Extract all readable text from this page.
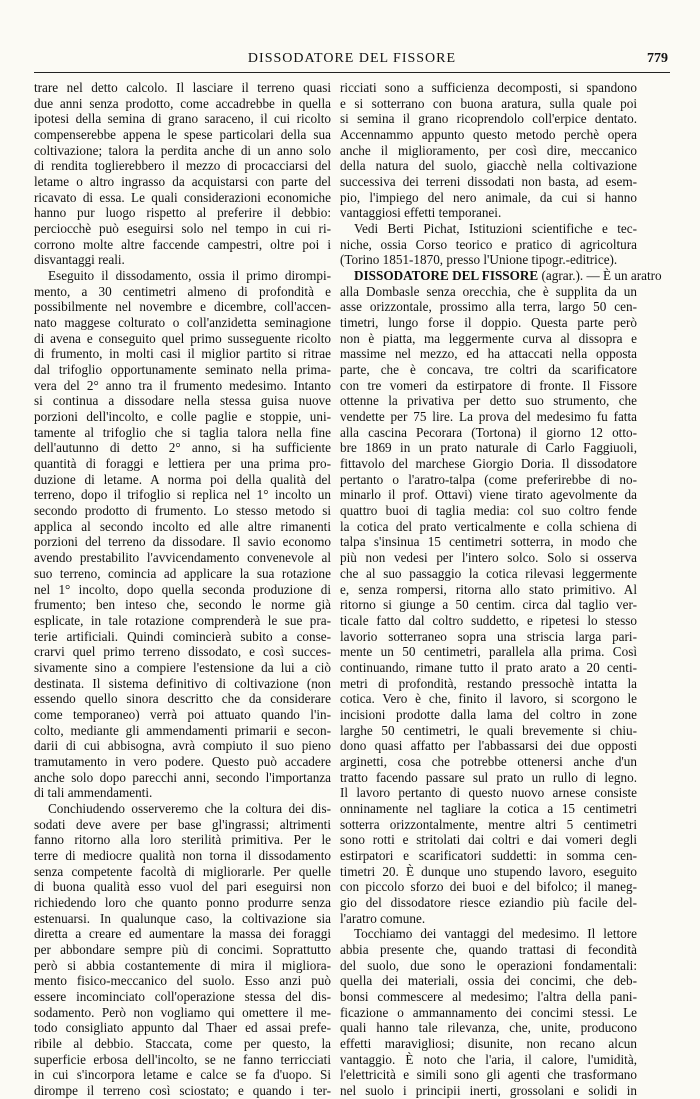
DISSODATORE DEL FISSORE	779
trare nel detto calcolo. Il lasciare il terreno quasi
due anni senza prodotto, come accadrebbe in quella
ipotesi della semina di grano saraceno, il cui ricolto
compenserebbe appena le spese particolari della sua
coltivazione; talora la perdita anche di un anno solo
di rendita toglierebbero il mezzo di procacciarsi del
letame o altro ingrasso da acquistarsi con parte del
ricavato di essa. Le quali considerazioni economiche
hanno pur luogo rispetto al preferire il debbio:
perciocchè può eseguirsi solo nel tempo in cui ri-
corrono molte altre faccende campestri, oltre poi i
disvantaggi reali.
Eseguito il dissodamento, ossia il primo dirompi-
mento, a 30 centimetri almeno di profondità e
possibilmente nel novembre e dicembre, coll'accen-
nato maggese colturato o coll'anzidetta seminagione
di avena e conseguito quel primo susseguente ricolto
di frumento, in molti casi il miglior partito si ritrae
dal trifoglio opportunamente seminato nella prima-
vera del 2° anno tra il frumento medesimo. Intanto
si continua a dissodare nella stessa guisa nuove
porzioni dell'incolto, e colle paglie e stoppie, uni-
tamente al trifoglio che si taglia talora nella fine
dell'autunno di detto 2° anno, si ha sufficiente
quantità di foraggi e lettiera per una prima pro-
duzione di letame. A norma poi della qualità del
terreno, dopo il trifoglio si replica nel 1° incolto un
secondo prodotto di frumento. Lo stesso metodo si
applica al secondo incolto ed alle altre rimanenti
porzioni del terreno da dissodare. Il savio economo
avendo prestabilito l'avvicendamento convenevole al
suo terreno, comincia ad applicare la sua rotazione
nel 1° incolto, dopo quella seconda produzione di
frumento; ben inteso che, secondo le norme già
esplicate, in tale rotazione comprenderà le sue pra-
terie artificiali. Quindi comincierà subito a conse-
crarvi quel primo terreno dissodato, e così succes-
sivamente sino a compiere l'estensione da lui a ciò
destinata. Il sistema definitivo di coltivazione (non
essendo quello sinora descritto che da considerare
come temporaneo) verrà poi attuato quando l'in-
colto, mediante gli ammendamenti primarii e secon-
darii di cui abbisogna, avrà compiuto il suo pieno
tramutamento in vero podere. Questo può accadere
anche solo dopo parecchi anni, secondo l'importanza
di tali ammendamenti.
Conchiudendo osserveremo che la coltura dei dis-
sodati deve avere per base gl'ingrassi; altrimenti
fanno ritorno alla loro sterilità primitiva. Per le
terre di mediocre qualità non torna il dissodamento
senza competente facoltà di migliorarle. Per quelle
di buona qualità esso vuol del pari eseguirsi non
richiedendo loro che quanto ponno produrre senza
estenuarsi. In qualunque caso, la coltivazione sia
diretta a creare ed aumentare la massa dei foraggi
per abbondare sempre più di concimi. Soprattutto
però si abbia costantemente di mira il migliora-
mento fisico-meccanico del suolo. Esso anzi può
essere incominciato coll'operazione stessa del dis-
sodamento. Però non vogliamo qui omettere il me-
todo consigliato appunto dal Thaer ed assai prefe-
ribile al debbio. Staccata, come per questo, la
superficie erbosa dell'incolto, se ne fanno terricciati
in cui s'incorpora letame e calce se fa d'uopo. Si
dirompe il terreno così sciostato; e quando i ter-
ricciati sono a sufficienza decomposti, si spandono
e si sotterrano con buona aratura, sulla quale poi
si semina il grano ricoprendolo coll'erpice dentato.
Accennammo appunto questo metodo perchè opera
anche il miglioramento, per così dire, meccanico
della natura del suolo, giacchè nella coltivazione
successiva dei terreni dissodati non basta, ad esem-
pio, l'impiego del nero animale, da cui si hanno
vantaggiosi effetti temporanei.
Vedi Berti Pichat, Istituzioni scientifiche e tec-
niche, ossia Corso teorico e pratico di agricoltura
(Torino 1851-1870, presso l'Unione tipogr.-editrice).
DISSODATORE DEL FISSORE (agrar.). — È un aratro
alla Dombasle senza orecchia, che è supplita da un
asse orizzontale, prossimo alla terra, largo 50 cen-
timetri, lungo forse il doppio. Questa parte però
non è piatta, ma leggermente curva al dissopra e
massime nel mezzo, ed ha attaccati nella opposta
parte, che è concava, tre coltri da scarificatore
con tre vomeri da estirpatore di fronte. Il Fissore
ottenne la privativa per detto suo strumento, che
vendette per 75 lire. La prova del medesimo fu fatta
alla cascina Pecorara (Tortona) il giorno 12 otto-
bre 1869 in un prato naturale di Carlo Faggiuoli,
fittavolo del marchese Giorgio Doria. Il dissodatore
pertanto o l'aratro-talpa (come preferirebbe di no-
minarlo il prof. Ottavi) viene tirato agevolmente da
quattro buoi di taglia media: col suo coltro fende
la cotica del prato verticalmente e colla schiena di
talpa s'insinua 15 centimetri sotterra, in modo che
più non vedesi per l'intero solco. Solo si osserva
che al suo passaggio la cotica rilevasi leggermente
e, senza rompersi, ritorna allo stato primitivo. Al
ritorno si giunge a 50 centim. circa dal taglio ver-
ticale fatto dal coltro suddetto, e ripetesi lo stesso
lavorio sotterraneo sopra una striscia larga pari-
mente un 50 centimetri, parallela alla prima. Così
continuando, rimane tutto il prato arato a 20 centi-
metri di profondità, restando pressochè intatta la
cotica. Vero è che, finito il lavoro, si scorgono le
incisioni prodotte dalla lama del coltro in zone
larghe 50 centimetri, le quali brevemente si chiu-
dono quasi affatto per l'abbassarsi dei due opposti
arginetti, cosa che potrebbe ottenersi anche d'un
tratto facendo passare sul prato un rullo di legno.
Il lavoro pertanto di questo nuovo arnese consiste
onninamente nel tagliare la cotica a 15 centimetri
sotterra orizzontalmente, mentre altri 5 centimetri
sono rotti e stritolati dai coltri e dai vomeri degli
estirpatori e scarificatori suddetti: in somma cen-
timetri 20. È dunque uno stupendo lavoro, eseguito
con piccolo sforzo dei buoi e del bifolco; il maneg-
gio del dissodatore riesce eziandio più facile del-
l'aratro comune.
Tocchiamo dei vantaggi del medesimo. Il lettore
abbia presente che, quando trattasi di fecondità
del suolo, due sono le operazioni fondamentali:
quella dei materiali, ossia dei concimi, che deb-
bonsi commescere al medesimo; l'altra della pani-
ficazione o ammannamento dei concimi stessi. Le
quali hanno tale rilevanza, che, unite, producono
effetti maravigliosi; disunite, non recano alcun
vantaggio. È noto che l'aria, il calore, l'umidità,
l'elettricità e simili sono gli agenti che trasformano
nel suolo i principii inerti, grossolani e solidi in
